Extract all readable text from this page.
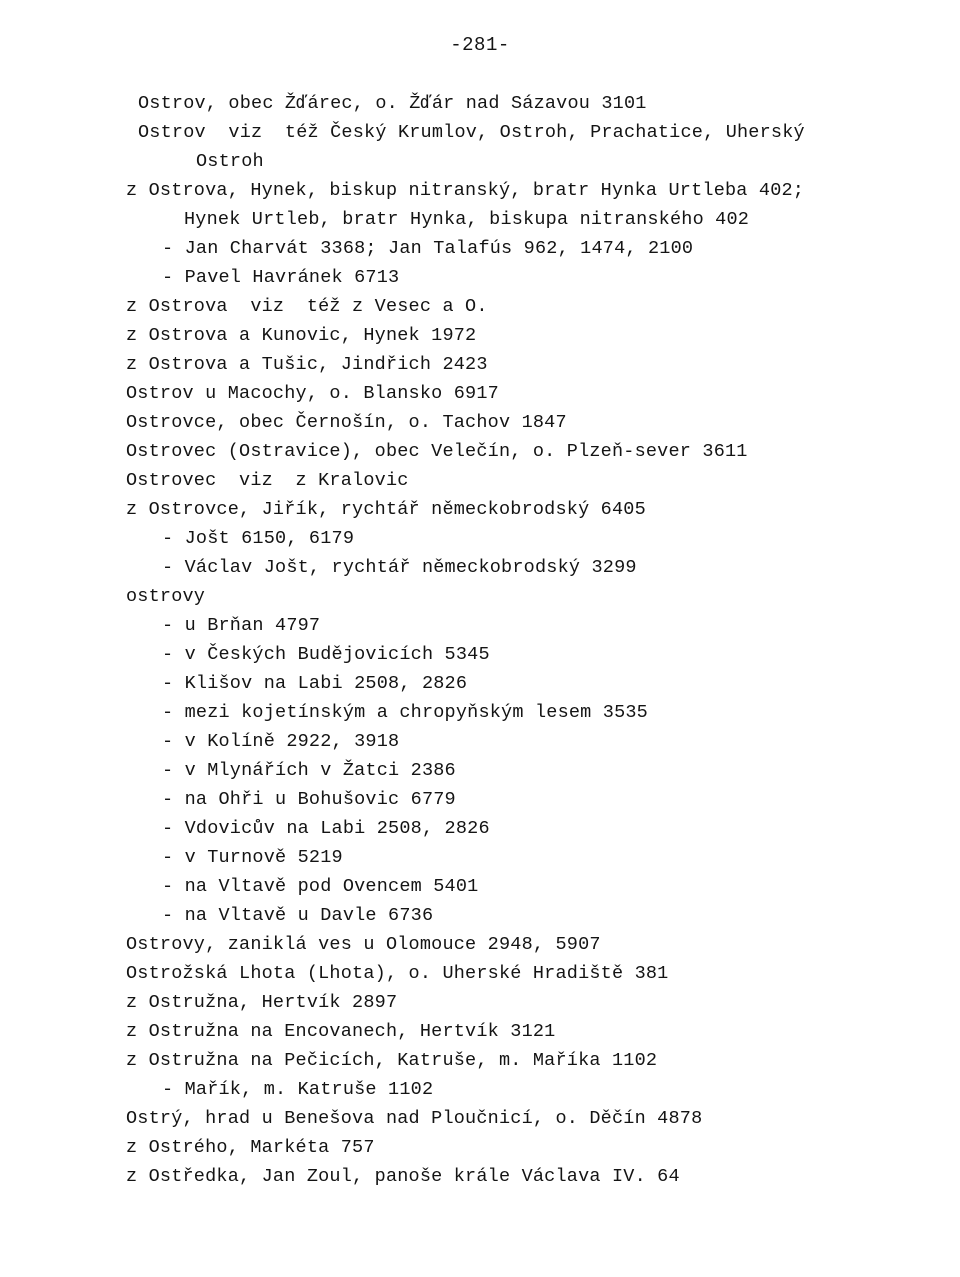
-281-
Ostrov, obec Žďárec, o. Žďár nad Sázavou 3101
Ostrov  viz  též Český Krumlov, Ostroh, Prachatice, Uherský
Ostroh
z Ostrova, Hynek, biskup nitranský, bratr Hynka Urtleba 402;
Hynek Urtleb, bratr Hynka, biskupa nitranského 402
- Jan Charvát 3368; Jan Talafús 962, 1474, 2100
- Pavel Havránek 6713
z Ostrova  viz  též z Vesec a O.
z Ostrova a Kunovic, Hynek 1972
z Ostrova a Tušic, Jindřich 2423
Ostrov u Macochy, o. Blansko 6917
Ostrovce, obec Černošín, o. Tachov 1847
Ostrovec (Ostravice), obec Velečín, o. Plzeň-sever 3611
Ostrovec  viz  z Kralovic
z Ostrovce, Jiřík, rychtář německobrodský 6405
- Jošt 6150, 6179
- Václav Jošt, rychtář německobrodský 3299
ostrovy
- u Brňan 4797
- v Českých Budějovicích 5345
- Klišov na Labi 2508, 2826
- mezi kojetínským a chropyňským lesem 3535
- v Kolíně 2922, 3918
- v Mlynářích v Žatci 2386
- na Ohři u Bohušovic 6779
- Vdovicův na Labi 2508, 2826
- v Turnově 5219
- na Vltavě pod Ovencem 5401
- na Vltavě u Davle 6736
Ostrovy, zaniklá ves u Olomouce 2948, 5907
Ostrožská Lhota (Lhota), o. Uherské Hradiště 381
z Ostružna, Hertvík 2897
z Ostružna na Encovanech, Hertvík 3121
z Ostružna na Pečicích, Katruše, m. Maříka 1102
- Mařík, m. Katruše 1102
Ostrý, hrad u Benešova nad Ploučnicí, o. Děčín 4878
z Ostrého, Markéta 757
z Ostředka, Jan Zoul, panoše krále Václava IV. 64
